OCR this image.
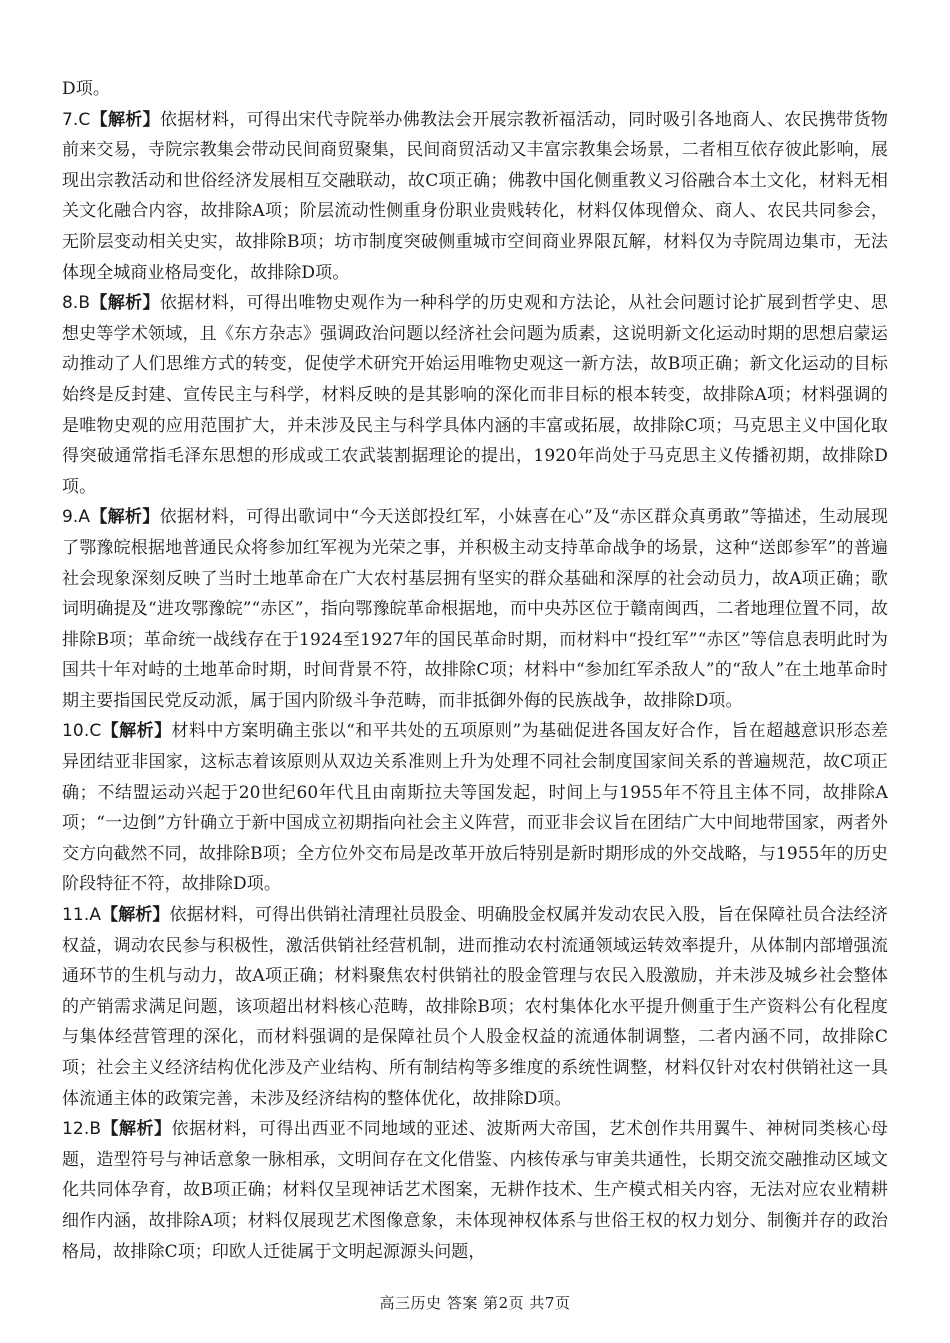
D项。

7.C【解析】依据材料，可得出宋代寺院举办佛教法会开展宗教祈福活动，同时吸引各地商人、农民携带货物前来交易，寺院宗教集会带动民间商贸聚集，民间商贸活动又丰富宗教集会场景，二者相互依存彼此影响，展现出宗教活动和世俗经济发展相互交融联动，故C项正确；佛教中国化侧重教义习俗融合本土文化，材料无相关文化融合内容，故排除A项；阶层流动性侧重身份职业贵贱转化，材料仅体现僧众、商人、农民共同参会，无阶层变动相关史实，故排除B项；坊市制度突破侧重城市空间商业界限瓦解，材料仅为寺院周边集市，无法体现全城商业格局变化，故排除D项。

8.B【解析】依据材料，可得出唯物史观作为一种科学的历史观和方法论，从社会问题讨论扩展到哲学史、思想史等学术领域，且《东方杂志》强调政治问题以经济社会问题为质素，这说明新文化运动时期的思想启蒙运动推动了人们思维方式的转变，促使学术研究开始运用唯物史观这一新方法，故B项正确；新文化运动的目标始终是反封建、宣传民主与科学，材料反映的是其影响的深化而非目标的根本转变，故排除A项；材料强调的是唯物史观的应用范围扩大，并未涉及民主与科学具体内涵的丰富或拓展，故排除C项；马克思主义中国化取得突破通常指毛泽东思想的形成或工农武装割据理论的提出，1920年尚处于马克思主义传播初期，故排除D项。

9.A【解析】依据材料，可得出歌词中“今天送郎投红军，小妹喜在心”及“赤区群众真勇敢”等描述，生动展现了鄂豫皖根据地普通民众将参加红军视为光荣之事，并积极主动支持革命战争的场景，这种“送郎参军”的普遍社会现象深刻反映了当时土地革命在广大农村基层拥有坚实的群众基础和深厚的社会动员力，故A项正确；歌词明确提及“进攻鄂豫皖”“赤区”，指向鄂豫皖革命根据地，而中央苏区位于赣南闽西，二者地理位置不同，故排除B项；革命统一战线存在于1924至1927年的国民革命时期，而材料中“投红军”“赤区”等信息表明此时为国共十年对峙的土地革命时期，时间背景不符，故排除C项；材料中“参加红军杀敌人”的“敌人”在土地革命时期主要指国民党反动派，属于国内阶级斗争范畴，而非抵御外侮的民族战争，故排除D项。

10.C【解析】材料中方案明确主张以“和平共处的五项原则”为基础促进各国友好合作，旨在超越意识形态差异团结亚非国家，这标志着该原则从双边关系准则上升为处理不同社会制度国家间关系的普遍规范，故C项正确；不结盟运动兴起于20世纪60年代且由南斯拉夫等国发起，时间上与1955年不符且主体不同，故排除A项；“一边倒”方针确立于新中国成立初期指向社会主义阵营，而亚非会议旨在团结广大中间地带国家，两者外交方向截然不同，故排除B项；全方位外交布局是改革开放后特别是新时期形成的外交战略，与1955年的历史阶段特征不符，故排除D项。

11.A【解析】依据材料，可得出供销社清理社员股金、明确股金权属并发动农民入股，旨在保障社员合法经济权益，调动农民参与积极性，激活供销社经营机制，进而推动农村流通领域运转效率提升，从体制内部增强流通环节的生机与动力，故A项正确；材料聚焦农村供销社的股金管理与农民入股激励，并未涉及城乡社会整体的产销需求满足问题，该项超出材料核心范畴，故排除B项；农村集体化水平提升侧重于生产资料公有化程度与集体经营管理的深化，而材料强调的是保障社员个人股金权益的流通体制调整，二者内涵不同，故排除C项；社会主义经济结构优化涉及产业结构、所有制结构等多维度的系统性调整，材料仅针对农村供销社这一具体流通主体的政策完善，未涉及经济结构的整体优化，故排除D项。

12.B【解析】依据材料，可得出西亚不同地域的亚述、波斯两大帝国，艺术创作共用翼牛、神树同类核心母题，造型符号与神话意象一脉相承，文明间存在文化借鉴、内核传承与审美共通性，长期交流交融推动区域文化共同体孕育，故B项正确；材料仅呈现神话艺术图案，无耕作技术、生产模式相关内容，无法对应农业精耕细作内涵，故排除A项；材料仅展现艺术图像意象，未体现神权体系与世俗王权的权力划分、制衡并存的政治格局，故排除C项；印欧人迁徙属于文明起源源头问题，

高三历史 答案 第2页 共7页
